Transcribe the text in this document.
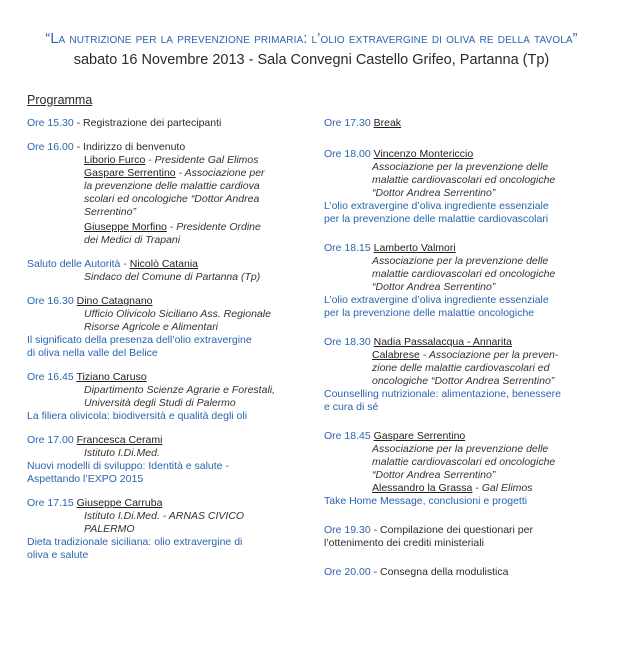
“La nutrizione per la prevenzione primaria: l’olio extravergine di oliva re della tavola”
sabato 16 Novembre 2013 - Sala Convegni Castello Grifeo, Partanna (Tp)
Programma

Ore 15.30 - Registrazione dei partecipanti

Ore 16.00 - Indirizzo di benvenuto

Liborio Furco - Presidente Gal Elimos

Gaspare Serrentino - Associazione per

la prevenzione delle malattie cardiova

scolari ed oncologiche “Dottor Andrea

Serrentino”

Giuseppe Morfino - Presidente Ordine

dei Medici di Trapani

Saluto delle Autorità - Nicolò Catania

Sindaco del Comune di Partanna (Tp)

Ore 16.30 Dino Catagnano

Ufficio Olivicolo Siciliano Ass. Regionale

Risorse Agricole e Alimentari

Il significato della presenza dell’olio extravergine

di oliva nella valle del Belice

Ore 16.45 Tiziano Caruso

Dipartimento Scienze Agrarie e Forestali,

Università degli Studi di Palermo

La filiera olivicola: biodiversità e qualità degli oli

Ore 17.00 Francesca Cerami

Istituto I.Di.Med.

Nuovi modelli di sviluppo: Identità e salute -

Aspettando l’EXPO 2015

Ore 17.15 Giuseppe Carruba

Istituto I.Di.Med. - ARNAS CIVICO PALERMO

Dieta tradizionale siciliana: olio extravergine di

oliva e salute

Ore 17.30 Break

Ore 18.00 Vincenzo Montericcio

Associazione per la prevenzione delle

malattie cardiovascolari ed oncologiche

“Dottor Andrea Serrentino”

L’olio extravergine d’oliva ingrediente essenziale

per la prevenzione delle malattie cardiovascolari

Ore 18.15 Lamberto Valmori

Associazione per la prevenzione delle

malattie cardiovascolari ed oncologiche

“Dottor Andrea Serrentino”

L’olio extravergine d’oliva ingrediente essenziale

per la prevenzione delle malattie oncologiche

Ore 18.30 Nadia Passalacqua - Annarita

Calabrese - Associazione per la preven-

zione delle malattie cardiovascolari ed

oncologiche “Dottor Andrea Serrentino”

Counselling nutrizionale: alimentazione, benessere

e cura di sé

Ore 18.45 Gaspare Serrentino

Associazione per la prevenzione delle

malattie cardiovascolari ed oncologiche

“Dottor Andrea Serrentino”

Alessandro la Grassa - Gal Elimos

Take Home Message, conclusioni e progetti

Ore 19.30 - Compilazione dei questionari per

l’ottenimento dei crediti ministeriali

Ore 20.00 - Consegna della modulistica
